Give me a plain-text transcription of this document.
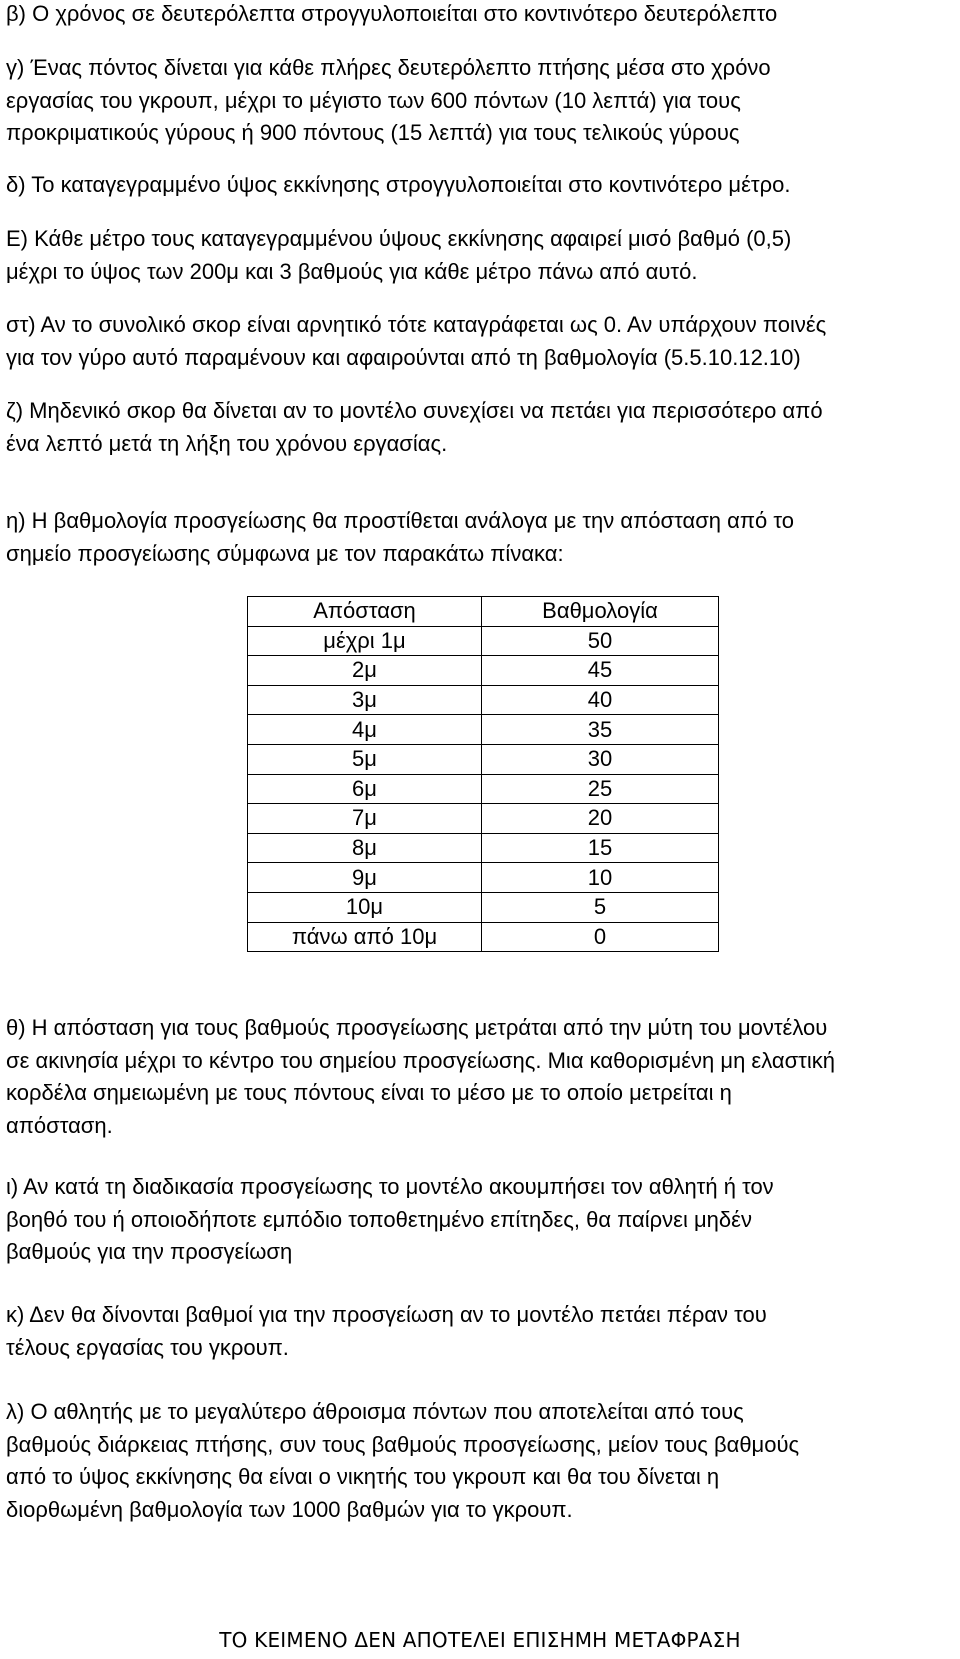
β) Ο χρόνος σε δευτερόλεπτα στρογγυλοποιείται στο κοντινότερο δευτερόλεπτο

γ) Ένας πόντος δίνεται για κάθε πλήρες δευτερόλεπτο πτήσης μέσα στο χρόνο
εργασίας του γκρουπ, μέχρι το μέγιστο των 600 πόντων (10 λεπτά) για τους
προκριματικούς γύρους ή 900 πόντους (15 λεπτά) για τους τελικούς γύρους

δ) Το καταγεγραμμένο ύψος εκκίνησης στρογγυλοποιείται στο κοντινότερο μέτρο.

Ε) Κάθε μέτρο τους καταγεγραμμένου ύψους εκκίνησης αφαιρεί μισό βαθμό (0,5)
μέχρι το ύψος των 200μ και 3 βαθμούς για κάθε μέτρο πάνω από αυτό.

στ) Αν το συνολικό σκορ είναι αρνητικό τότε καταγράφεται ως 0. Αν υπάρχουν ποινές
για τον γύρο αυτό παραμένουν και αφαιρούνται από τη βαθμολογία (5.5.10.12.10)

ζ) Μηδενικό σκορ θα δίνεται αν το μοντέλο συνεχίσει να πετάει για περισσότερο από
ένα λεπτό μετά τη λήξη του χρόνου εργασίας.

η) Η βαθμολογία προσγείωσης θα προστίθεται ανάλογα με την απόσταση από το
σημείο προσγείωσης σύμφωνα με τον παρακάτω πίνακα:

θ) Η απόσταση για τους βαθμούς προσγείωσης μετράται από την μύτη του μοντέλου
σε ακινησία μέχρι το κέντρο του σημείου προσγείωσης. Μια καθορισμένη μη ελαστική
κορδέλα σημειωμένη με τους πόντους είναι το μέσο με το οποίο μετρείται η
απόσταση.

ι) Αν κατά τη διαδικασία προσγείωσης το μοντέλο ακουμπήσει τον αθλητή ή τον
βοηθό του ή οποιοδήποτε εμπόδιο τοποθετημένο επίτηδες, θα παίρνει μηδέν
βαθμούς για την προσγείωση

κ) Δεν θα δίνονται βαθμοί για την προσγείωση αν το μοντέλο πετάει πέραν του
τέλους εργασίας του γκρουπ.

λ) Ο αθλητής με το μεγαλύτερο άθροισμα πόντων που αποτελείται από τους
βαθμούς διάρκειας πτήσης, συν τους βαθμούς προσγείωσης, μείον τους βαθμούς
από το ύψος εκκίνησης θα είναι ο νικητής του γκρουπ και θα του δίνεται η
διορθωμένη βαθμολογία των 1000 βαθμών για το γκρουπ.

Απόσταση	Βαθμολογία
μέχρι 1μ	50
2μ	45
3μ	40
4μ	35
5μ	30
6μ	25
7μ	20
8μ	15
9μ	10
10μ	5
πάνω από 10μ	0
ΤΟ ΚΕΙΜΕΝΟ ΔΕΝ ΑΠΟΤΕΛΕΙ ΕΠΙΣΗΜΗ ΜΕΤΑΦΡΑΣΗ
